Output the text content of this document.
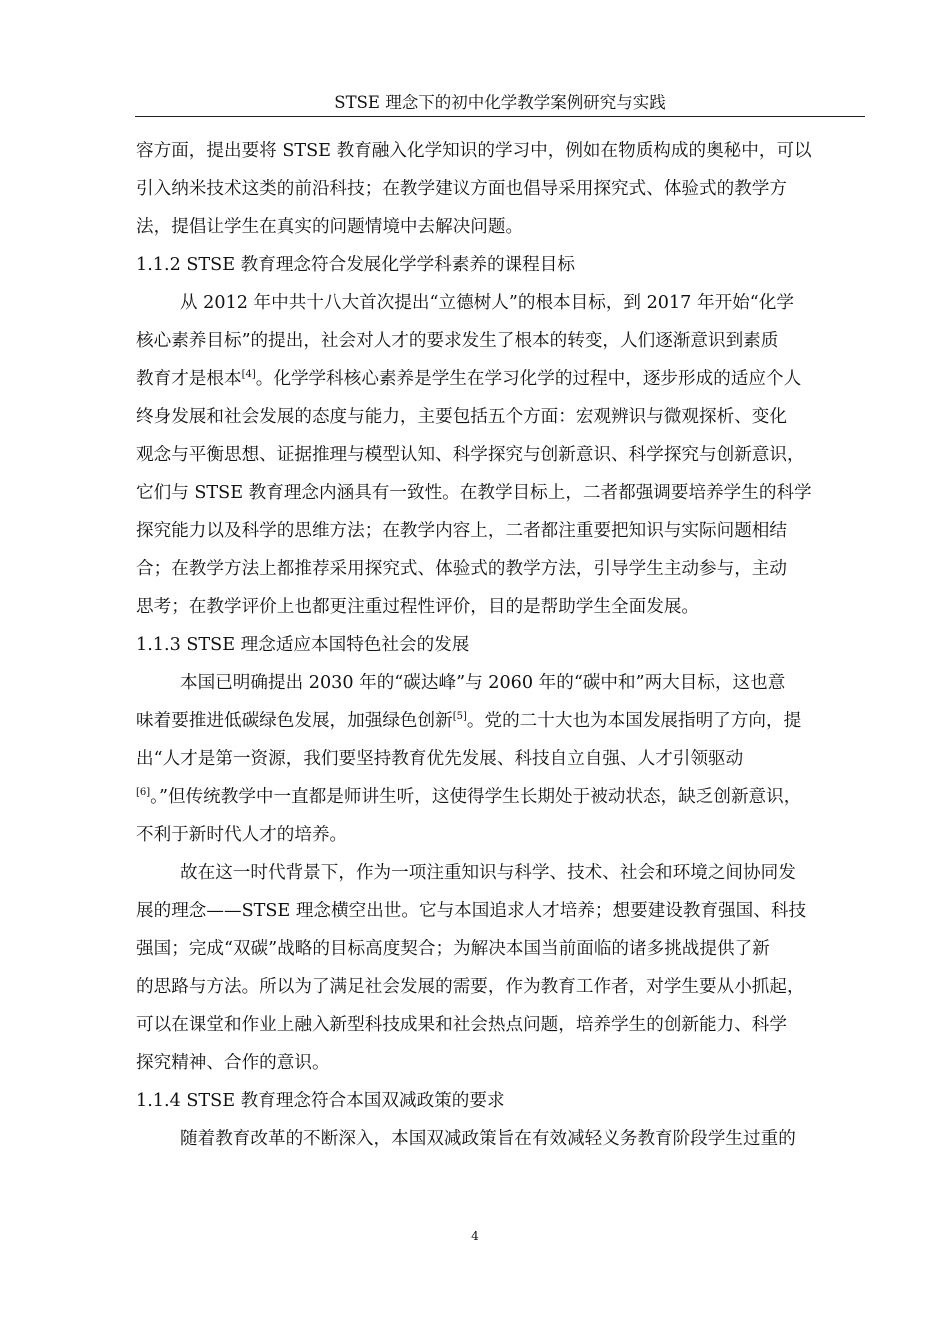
STSE 理念下的初中化学教学案例研究与实践
容方面，提出要将 STSE 教育融入化学知识的学习中，例如在物质构成的奥秘中，可以
引入纳米技术这类的前沿科技；在教学建议方面也倡导采用探究式、体验式的教学方
法，提倡让学生在真实的问题情境中去解决问题。
1.1.2 STSE 教育理念符合发展化学学科素养的课程目标
从 2012 年中共十八大首次提出“立德树人”的根本目标，到 2017 年开始“化学
核心素养目标”的提出，社会对人才的要求发生了根本的转变，人们逐渐意识到素质
教育才是根本[4]。化学学科核心素养是学生在学习化学的过程中，逐步形成的适应个人
终身发展和社会发展的态度与能力，主要包括五个方面：宏观辨识与微观探析、变化
观念与平衡思想、证据推理与模型认知、科学探究与创新意识、科学探究与创新意识，
它们与 STSE 教育理念内涵具有一致性。在教学目标上，二者都强调要培养学生的科学
探究能力以及科学的思维方法；在教学内容上，二者都注重要把知识与实际问题相结
合；在教学方法上都推荐采用探究式、体验式的教学方法，引导学生主动参与，主动
思考；在教学评价上也都更注重过程性评价，目的是帮助学生全面发展。
1.1.3 STSE 理念适应本国特色社会的发展
本国已明确提出 2030 年的“碳达峰”与 2060 年的“碳中和”两大目标，这也意
味着要推进低碳绿色发展，加强绿色创新[5]。党的二十大也为本国发展指明了方向，提
出“人才是第一资源，我们要坚持教育优先发展、科技自立自强、人才引领驱动
[6]。”但传统教学中一直都是师讲生听，这使得学生长期处于被动状态，缺乏创新意识，
不利于新时代人才的培养。
故在这一时代背景下，作为一项注重知识与科学、技术、社会和环境之间协同发
展的理念——STSE 理念横空出世。它与本国追求人才培养；想要建设教育强国、科技
强国；完成“双碳”战略的目标高度契合；为解决本国当前面临的诸多挑战提供了新
的思路与方法。所以为了满足社会发展的需要，作为教育工作者，对学生要从小抓起，
可以在课堂和作业上融入新型科技成果和社会热点问题，培养学生的创新能力、科学
探究精神、合作的意识。
1.1.4 STSE 教育理念符合本国双减政策的要求
随着教育改革的不断深入，本国双减政策旨在有效减轻义务教育阶段学生过重的
4
